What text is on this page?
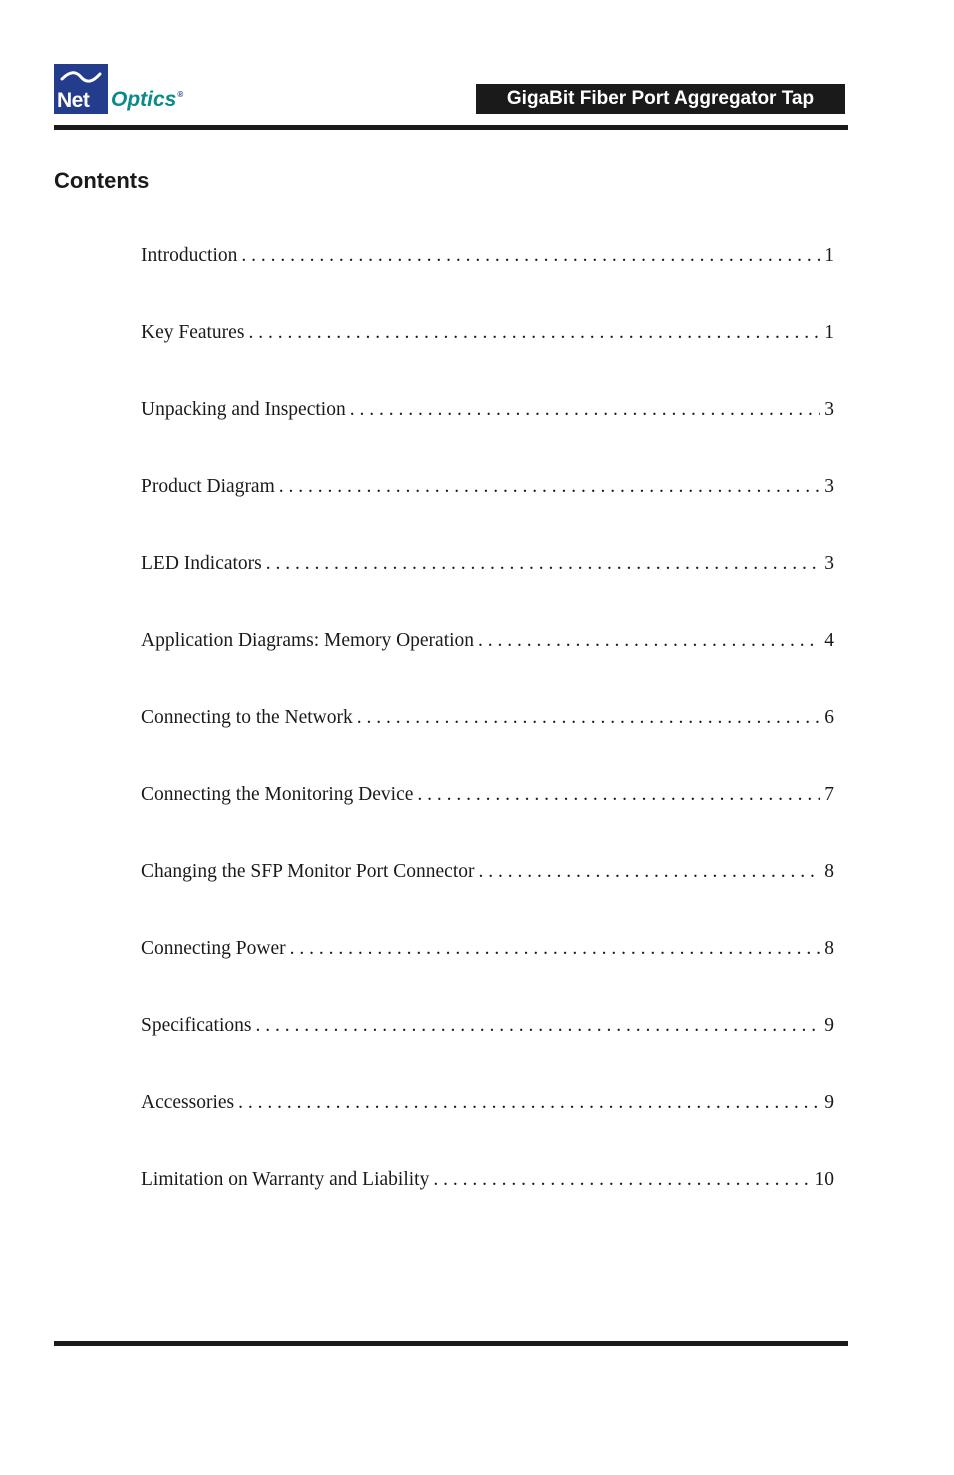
Net Optics®	GigaBit Fiber Port Aggregator Tap
Contents
Introduction . . .	1
Key Features . . .	1
Unpacking and Inspection . . .	3
Product Diagram . . .	3
LED Indicators . . .	3
Application Diagrams: Memory Operation . . .	4
Connecting to the Network . . .	6
Connecting the Monitoring Device . . .	7
Changing the SFP Monitor Port Connector . . .	8
Connecting Power . . .	8
Specifications . . .	9
Accessories . . .	9
Limitation on Warranty and Liability . . .	10
